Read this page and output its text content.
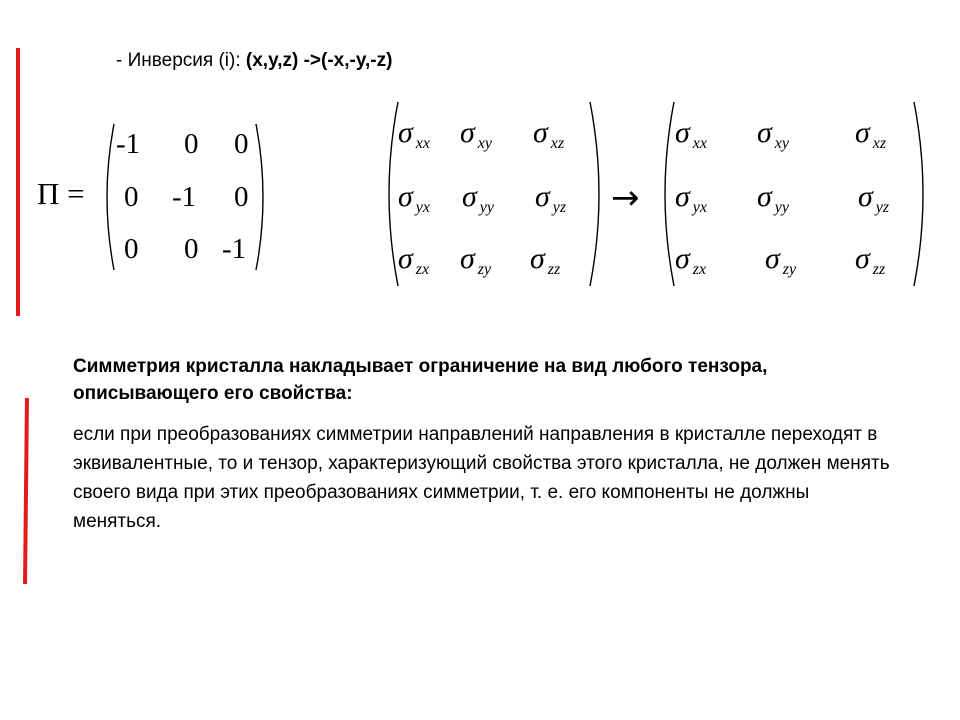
- Инверсия (i): (x,y,z) ->(-x,-y,-z)
Π =
-1 0 0
0 -1 0
0 0 -1
σxx σxy σxz
σyx σyy σyz
σzx σzy σzz
→
σxx σxy σxz
σyx σyy σyz
σzx σzy σzz
Симметрия кристалла накладывает ограничение на вид любого тензора, описывающего его свойства:
если при преобразованиях симметрии направлений направления в кристалле переходят в эквивалентные, то и тензор, характеризующий свойства этого кристалла, не должен менять своего вида при этих преобразованиях симметрии, т. е. его компоненты не должны меняться.
